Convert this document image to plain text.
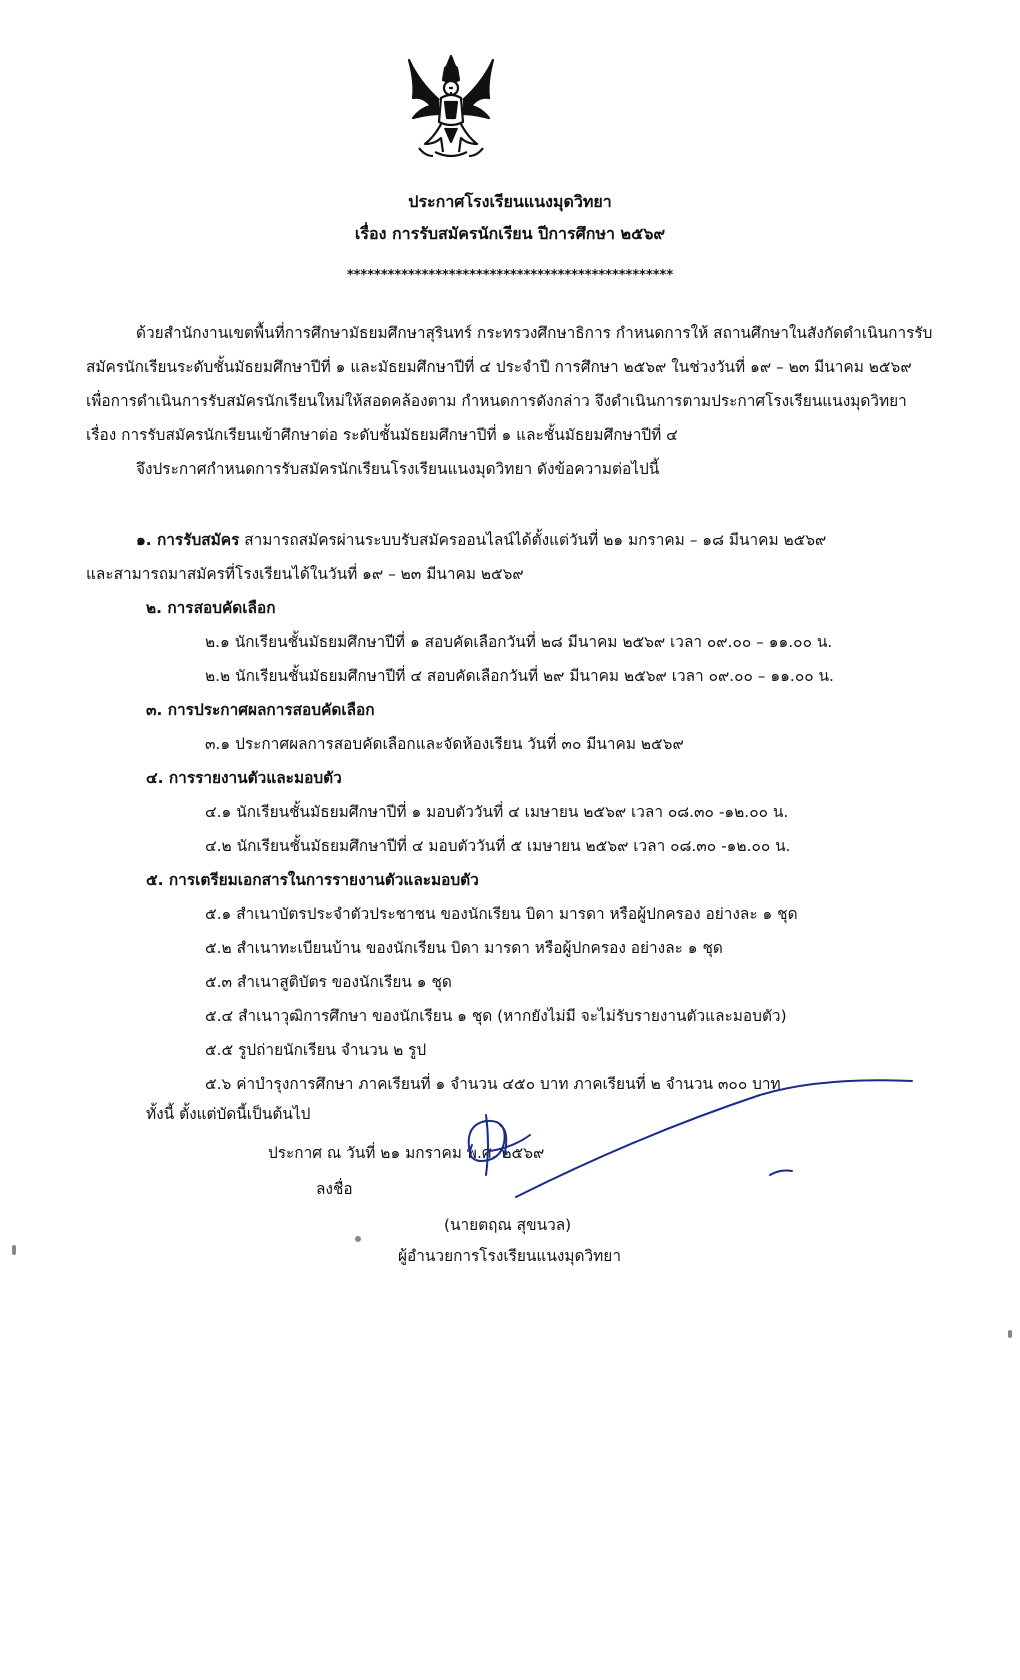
ประกาศโรงเรียนแนงมุดวิทยา
เรื่อง การรับสมัครนักเรียน ปีการศึกษา ๒๕๖๙
************************************************

ด้วยสำนักงานเขตพื้นที่การศึกษามัธยมศึกษาสุรินทร์ กระทรวงศึกษาธิการ กำหนดการให้ สถานศึกษาในสังกัดดำเนินการรับสมัครนักเรียนระดับชั้นมัธยมศึกษาปีที่ ๑ และมัธยมศึกษาปีที่ ๔ ประจำปี การศึกษา ๒๕๖๙ ในช่วงวันที่ ๑๙ – ๒๓ มีนาคม ๒๕๖๙ เพื่อการดำเนินการรับสมัครนักเรียนใหม่ให้สอดคล้องตาม กำหนดการดังกล่าว จึงดำเนินการตามประกาศโรงเรียนแนงมุดวิทยา เรื่อง การรับสมัครนักเรียนเข้าศึกษาต่อ ระดับชั้นมัธยมศึกษาปีที่ ๑ และชั้นมัธยมศึกษาปีที่ ๔

จึงประกาศกำหนดการรับสมัครนักเรียนโรงเรียนแนงมุดวิทยา ดังข้อความต่อไปนี้

๑. การรับสมัคร สามารถสมัครผ่านระบบรับสมัครออนไลน์ได้ตั้งแต่วันที่ ๒๑ มกราคม – ๑๘ มีนาคม ๒๕๖๙
และสามารถมาสมัครที่โรงเรียนได้ในวันที่ ๑๙ – ๒๓ มีนาคม ๒๕๖๙
๒. การสอบคัดเลือก
๒.๑ นักเรียนชั้นมัธยมศึกษาปีที่ ๑ สอบคัดเลือกวันที่ ๒๘ มีนาคม ๒๕๖๙ เวลา ๐๙.๐๐ – ๑๑.๐๐ น.
๒.๒ นักเรียนชั้นมัธยมศึกษาปีที่ ๔ สอบคัดเลือกวันที่ ๒๙ มีนาคม ๒๕๖๙ เวลา ๐๙.๐๐ – ๑๑.๐๐ น.
๓. การประกาศผลการสอบคัดเลือก
๓.๑ ประกาศผลการสอบคัดเลือกและจัดห้องเรียน วันที่ ๓๐ มีนาคม ๒๕๖๙
๔. การรายงานตัวและมอบตัว
๔.๑ นักเรียนชั้นมัธยมศึกษาปีที่ ๑ มอบตัววันที่ ๔ เมษายน ๒๕๖๙ เวลา ๐๘.๓๐ -๑๒.๐๐ น.
๔.๒ นักเรียนชั้นมัธยมศึกษาปีที่ ๔ มอบตัววันที่ ๕ เมษายน ๒๕๖๙ เวลา ๐๘.๓๐ -๑๒.๐๐ น.
๕. การเตรียมเอกสารในการรายงานตัวและมอบตัว
๕.๑ สำเนาบัตรประจำตัวประชาชน ของนักเรียน บิดา มารดา หรือผู้ปกครอง อย่างละ ๑ ชุด
๕.๒ สำเนาทะเบียนบ้าน ของนักเรียน บิดา มารดา หรือผู้ปกครอง อย่างละ ๑ ชุด
๕.๓ สำเนาสูติบัตร ของนักเรียน ๑ ชุด
๕.๔ สำเนาวุฒิการศึกษา ของนักเรียน ๑ ชุด (หากยังไม่มี จะไม่รับรายงานตัวและมอบตัว)
๕.๕ รูปถ่ายนักเรียน จำนวน ๒ รูป
๕.๖ ค่าบำรุงการศึกษา ภาคเรียนที่ ๑ จำนวน ๔๕๐ บาท ภาคเรียนที่ ๒ จำนวน ๓๐๐ บาท
ทั้งนี้ ตั้งแต่บัดนี้เป็นต้นไป
ประกาศ ณ วันที่ ๒๑ มกราคม พ.ศ. ๒๕๖๙
ลงชื่อ
(นายตฤณ สุขนวล)
ผู้อำนวยการโรงเรียนแนงมุดวิทยา
